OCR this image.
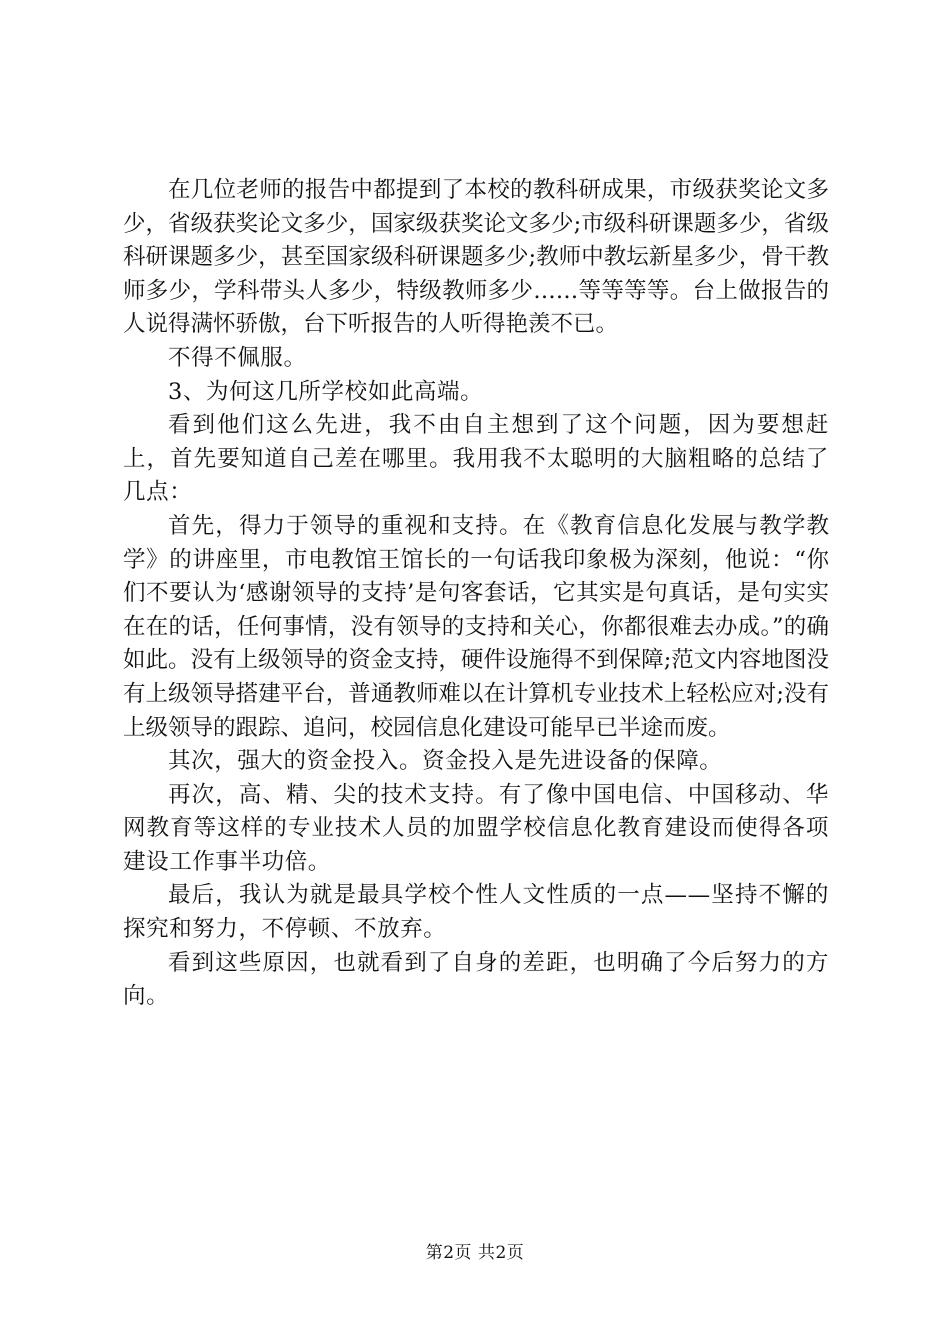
在几位老师的报告中都提到了本校的教科研成果，市级获奖论文多少，省级获奖论文多少，国家级获奖论文多少;市级科研课题多少，省级科研课题多少，甚至国家级科研课题多少;教师中教坛新星多少，骨干教师多少，学科带头人多少，特级教师多少……等等等等。台上做报告的人说得满怀骄傲，台下听报告的人听得艳羡不已。

不得不佩服。

3、为何这几所学校如此高端。

看到他们这么先进，我不由自主想到了这个问题，因为要想赶上，首先要知道自己差在哪里。我用我不太聪明的大脑粗略的总结了几点：

首先，得力于领导的重视和支持。在《教育信息化发展与教学教学》的讲座里，市电教馆王馆长的一句话我印象极为深刻，他说：“你们不要认为‘感谢领导的支持’是句客套话，它其实是句真话，是句实实在在的话，任何事情，没有领导的支持和关心，你都很难去办成。”的确如此。没有上级领导的资金支持，硬件设施得不到保障;范文内容地图没有上级领导搭建平台，普通教师难以在计算机专业技术上轻松应对;没有上级领导的跟踪、追问，校园信息化建设可能早已半途而废。

其次，强大的资金投入。资金投入是先进设备的保障。

再次，高、精、尖的技术支持。有了像中国电信、中国移动、华网教育等这样的专业技术人员的加盟学校信息化教育建设而使得各项建设工作事半功倍。

最后，我认为就是最具学校个性人文性质的一点——坚持不懈的探究和努力，不停顿、不放弃。

看到这些原因，也就看到了自身的差距，也明确了今后努力的方向。

第2页 共2页
